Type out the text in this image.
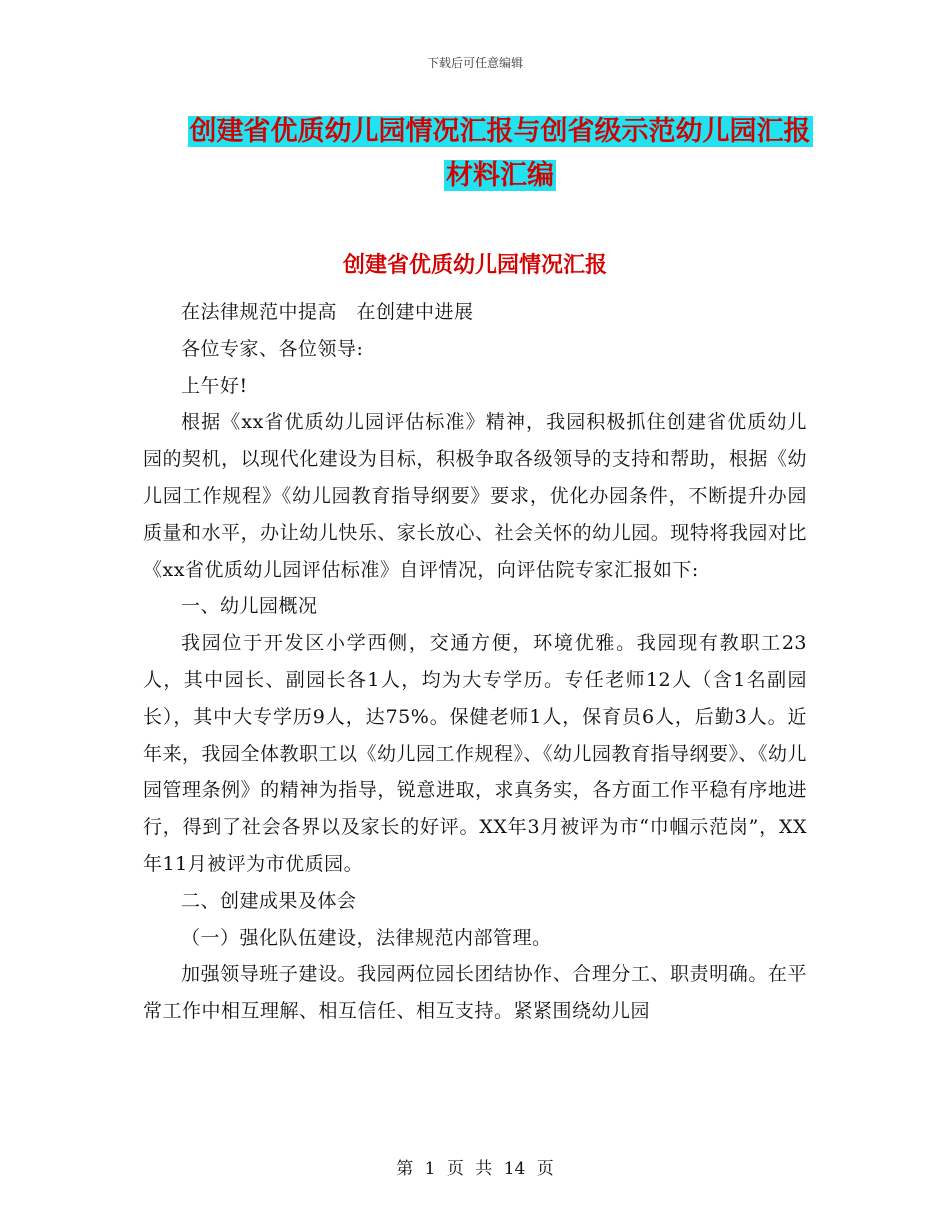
下载后可任意编辑
创建省优质幼儿园情况汇报与创省级示范幼儿园汇报
材料汇编
创建省优质幼儿园情况汇报

在法律规范中提高　在创建中进展

各位专家、各位领导:

上午好!

根据《xx省优质幼儿园评估标准》精神，我园积极抓住创建省优质幼儿园的契机，以现代化建设为目标，积极争取各级领导的支持和帮助，根据《幼儿园工作规程》《幼儿园教育指导纲要》要求，优化办园条件，不断提升办园质量和水平，办让幼儿快乐、家长放心、社会关怀的幼儿园。现特将我园对比《xx省优质幼儿园评估标准》自评情况，向评估院专家汇报如下:

一、幼儿园概况

我园位于开发区小学西侧，交通方便，环境优雅。我园现有教职工23人，其中园长、副园长各1人，均为大专学历。专任老师12人（含1名副园长），其中大专学历9人，达75%。保健老师1人，保育员6人，后勤3人。近年来，我园全体教职工以《幼儿园工作规程》、《幼儿园教育指导纲要》、《幼儿园管理条例》的精神为指导，锐意进取，求真务实，各方面工作平稳有序地进行，得到了社会各界以及家长的好评。XX年3月被评为市“巾帼示范岗”，XX年11月被评为市优质园。

二、创建成果及体会

（一）强化队伍建设，法律规范内部管理。

加强领导班子建设。我园两位园长团结协作、合理分工、职责明确。在平常工作中相互理解、相互信任、相互支持。紧紧围绕幼儿园

第 1 页 共 14 页
